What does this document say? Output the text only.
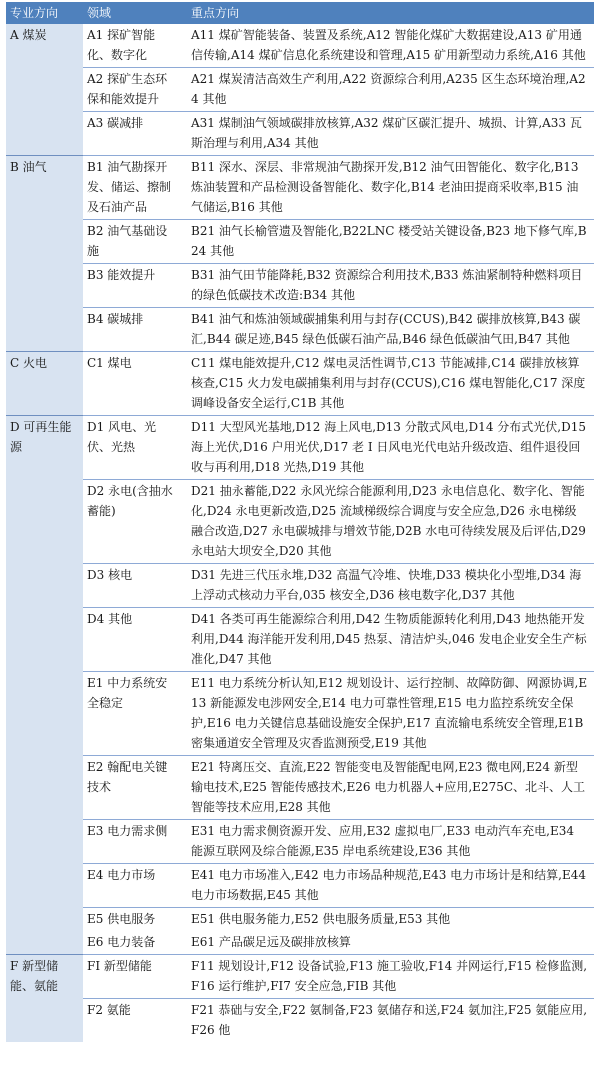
专业方向	领域	重点方向

A 煤炭	A1 探矿智能化、数字化	A11 煤矿智能装备、装置及系统,A12 智能化煤矿大数据建设,A13 矿用通信传输,A14 煤矿信息化系统建设和管理,A15 矿用新型动力系统,A16 其他

	A2 探矿生态环保和能效提升	A21 煤炭清洁高效生产利用,A22 资源综合利用,A235 区生态环境治理,A24 其他

	A3 碳减排	A31 煤制油气领域碳排放核算,A32 煤矿区碳汇提升、城损、计算,A33 瓦斯治理与利用,A34 其他

B 油气	B1 油气勘探开发、储运、擦制及石油产品	B11 深水、深层、非常规油气勘探开发,B12 油气田智能化、数字化,B13 炼油装置和产品检测设备智能化、数字化,B14 老油田提商采收率,B15 油气储运,B16 其他

	B2 油气基础设施	B21 油气长榆管遗及智能化,B22LNC 楼受站关键设备,B23 地下修气库,B24 其他

	B3 能效提升	B31 油气田节能降耗,B32 资源综合利用技术,B33 炼油紧制特种燃料项目的绿色低碳技术改造:B34 其他

	B4 碳城排	B41 油气和炼油领域碳捕集利用与封存(CCUS),B42 碳排放核算,B43 碳汇,B44 碳足迹,B45 绿色低碳石油产品,B46 绿色低碳油气田,B47 其他

C 火电	C1 煤电	C11 煤电能效提升,C12 煤电灵活性调节,C13 节能减排,C14 碳排放核算核查,C15 火力发电碳捕集利用与封存(CCUS),C16 煤电智能化,C17 深度调峰设备安全运行,C1B 其他

D 可再生能源	D1 风电、光伏、光热	D11 大型风光基地,D12 海上风电,D13 分散式风电,D14 分布式光伏,D15 海上光伏,D16 户用光伏,D17 老 I 日风电光代电站升级改造、组件退役回收与再利用,D18 光热,D19 其他

	D2 永电(含抽水蓄能)	D21 抽永蓄能,D22 永风光综合能源利用,D23 永电信息化、数字化、智能化,D24 永电更新改造,D25 流域梯级综合调度与安全应急,D26 永电梯级融合改造,D27 永电碳城排与增效节能,D2B 水电可待续发展及后评估,D29 永电站大坝安全,D20 其他

	D3 核电	D31 先进三代压永堆,D32 高温气冷堆、快堆,D33 模块化小型堆,D34 海上浮动式核动力平台,035 核安全,D36 核电数字化,D37 其他

	D4 其他	D41 各类可再生能源综合利用,D42 生物质能源转化利用,D43 地热能开发利用,D44 海洋能开发利用,D45 热泵、清洁炉头,046 发电企业安全生产标准化,D47 其他

	E1 中力系统安全稳定	E11 电力系统分析认知,E12 规划设计、运行控制、故障防御、网源协调,E13 新能源发电涉网安全,E14 电力可靠性管理,E15 电力监控系统安全保护,E16 电力关键信息基础设施安全保护,E17 直流输电系统安全管理,E1B 密集通道安全管理及灾香监测预受,E19 其他

	E2 翰配电关键技术	E21 特离压交、直流,E22 智能变电及智能配电网,E23 微电网,E24 新型输电技术,E25 智能传感技术,E26 电力机器人+应用,E275C、北斗、人工智能等技术应用,E28 其他

	E3 电力需求侧	E31 电力需求侧资源开发、应用,E32 虚拟电厂,E33 电动汽车充电,E34 能源互联网及综合能源,E35 岸电系统建设,E36 其他

	E4 电力市场	E41 电力市场准入,E42 电力市场品种规范,E43 电力市场计是和结算,E44 电力市场数据,E45 其他

	E5 供电服务	E51 供电服务能力,E52 供电服务质量,E53 其他

	E6 电力装备	E61 产品碳足远及碳排放核算

F 新型储能、氨能	FI 新型储能	F11 规划设计,F12 设备试验,F13 施工验收,F14 并网运行,F15 检修监测,F16 运行维护,FI7 安全应急,FIB 其他

	F2 氨能	F21 恭础与安全,F22 氨制备,F23 氨储存和送,F24 氨加注,F25 氨能应用,F26 他
